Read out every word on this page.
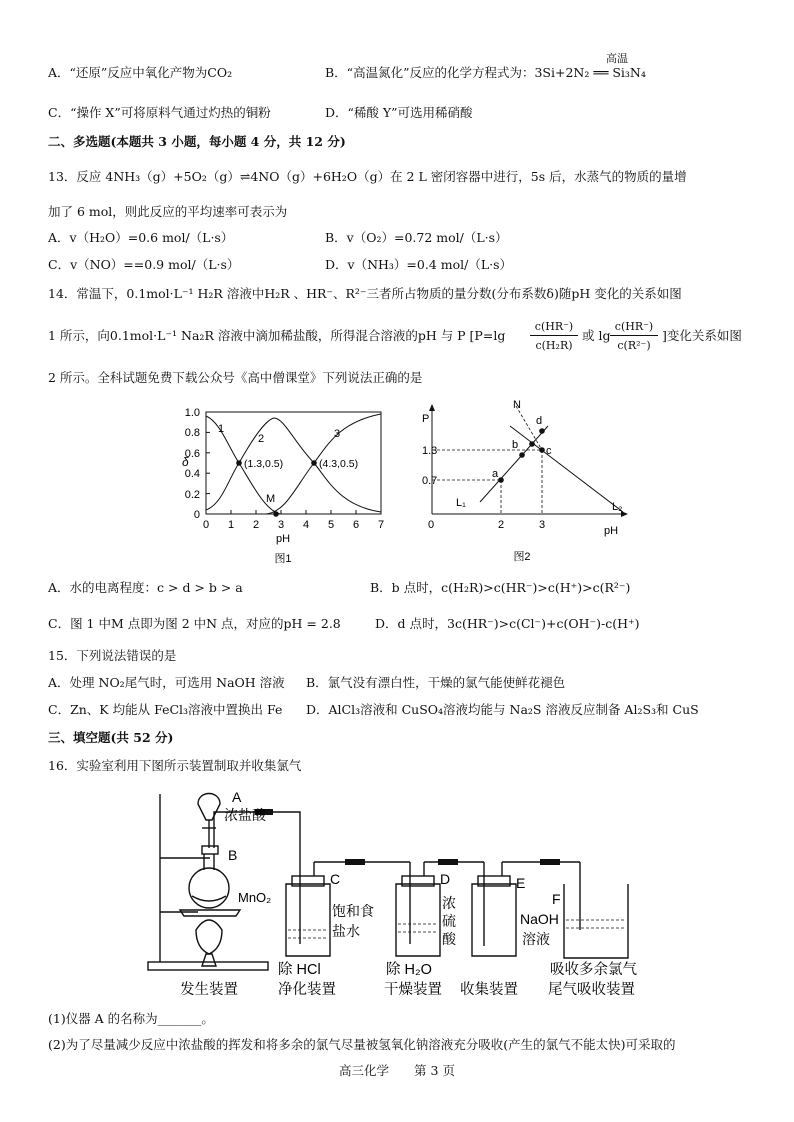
A．“还原”反应中氧化产物为CO₂	B．“高温氮化”反应的化学方程式为：3Si+2N₂ ══ Si₃N₄
高温
C．“操作 X”可将原料气通过灼热的铜粉	D．“稀酸 Y”可选用稀硝酸
二、多选题(本题共 3 小题，每小题 4 分，共 12 分)
13．反应 4NH₃（g）+5O₂（g）⇌4NO（g）+6H₂O（g）在 2 L 密闭容器中进行，5s 后，水蒸气的物质的量增
加了 6 mol，则此反应的平均速率可表示为
A．v（H₂O）=0.6 mol/（L·s）	B．v（O₂）=0.72 mol/（L·s）
C．v（NO）==0.9 mol/（L·s）	D．v（NH₃）=0.4 mol/（L·s）
14．常温下，0.1mol·L⁻¹ H₂R 溶液中H₂R 、HR⁻、R²⁻三者所占物质的量分数(分布系数δ)随pH 变化的关系如图
1 所示，向0.1mol·L⁻¹ Na₂R 溶液中滴加稀盐酸，所得混合溶液的pH 与 P [P=lg
c(HR⁻)
c(H₂R)
或 lg
c(HR⁻)
c(R²⁻)
]变化关系如图
2 所示。全科试题免费下载公众号《高中僧课堂》下列说法正确的是
1.0
0.8
0.6
0.4
0.2
0
0 1 2 3 4 5 6 7
δ
pH
图1
1
2	3
(1.3,0.5)	(4.3,0.5)
M
P
pH
1.3
0.7
0	2	3
a
b	c
d
N
L₁	L₂
图2
A．水的电离程度：c > d > b > a	B．b 点时，c(H₂R)>c(HR⁻)>c(H⁺)>c(R²⁻)
C．图 1 中M 点即为图 2 中N 点，对应的pH = 2.8	D．d 点时，3c(HR⁻)>c(Cl⁻)+c(OH⁻)-c(H⁺)
15．下列说法错误的是
A．处理 NO₂尾气时，可选用 NaOH 溶液 B．氯气没有漂白性，干燥的氯气能使鲜花褪色
C．Zn、K 均能从 FeCl₃溶液中置换出 Fe D．AlCl₃溶液和 CuSO₄溶液均能与 Na₂S 溶液反应制备 Al₂S₃和 CuS
三、填空题(共 52 分)
16．实验室利用下图所示装置制取并收集氯气
A
浓盐酸
B
MnO₂
C	D	E
F
饱和食
盐水
浓
硫
酸
NaOH
溶液
发生装置
除 HCl
净化装置
除 H₂O
干燥装置 收集装置
吸收多余氯气
尾气吸收装置
(1)仪器 A 的名称为_______。
(2)为了尽量减少反应中浓盐酸的挥发和将多余的氯气尽量被氢氧化钠溶液充分吸收(产生的氯气不能太快)可采取的
高三化学　　第 3 页
